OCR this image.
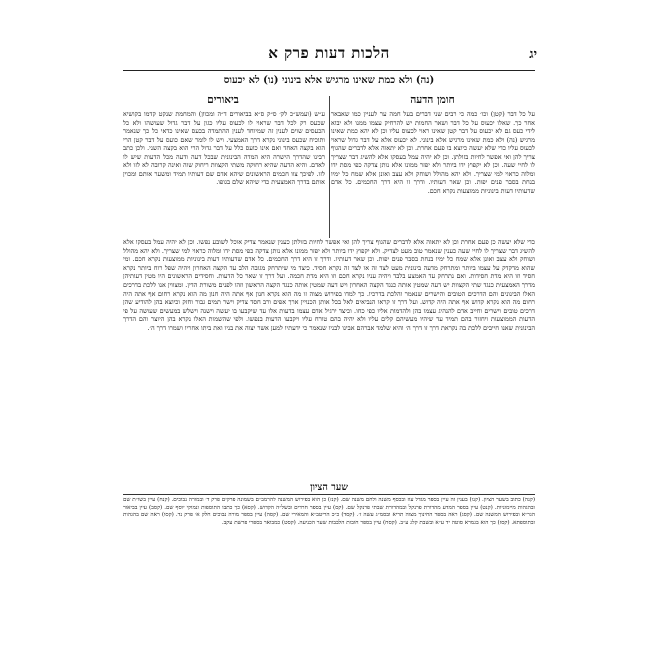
הלכות דעות פרק א	יג
(נה) ולא כמת שאינו מרגיש אלא בינוני (נו) לא יכעוס
חומן הדעה
ביאורים
על כל דבר (קטן) וכו׳ כמה כי רבים שני דברים בעל חמה ער לעניין כמו שאבאר אחר כך. שאלו יכעוס על כל דבר ושאר החמות יש להרחיק עצמו ממנו ולא יבוא לידי כעס גם לא יכעוס על דבר קטן שאינו ראוי לכעוס עליו וכן לא יהא כמת שאינו מרגיש (נה) ולא כמת שאינו מרגיש אלא בינוני. לא יכעוס אלא על דבר גדול שראוי לכעוס עליו כדי שלא יעשה כיוצא בו פעם אחרת. וכן לא יתאוה אלא לדברים שהגוף צריך להן ואי אפשר לחיות בזולתן. וכן לא יהיה עמל בעסקו אלא להשיג דבר שצריך לו לחיי שעה. וכן לא יקפוץ ידו ביותר ולא יפזר ממונו אלא נותן צדקה כפי מסת ידו ומלוה כראוי למי שצריך. ולא יהא מהולל ושוחק ולא עצב ואונן אלא שמח כל ימיו בנחת בסבר פנים יפות. וכן שאר דעותיו. ודרך זו היא דרך החכמים. כל אדם שדעותיו דעות בינוניות ממוצעות נקרא חכם.
ע״ש (ועמש״כ לק׳ ס״ק ס״א בביאורים ד״ה ומכוון) והמחמת שנקט קדמו בקושיא שכעס רק לכל דבר שראוי לו לכעוס עליו כגון על דבר גדול שעושהו ולא כל הכעסים שוים לענין זה שמיוחד לענין ההתמדה בכעס שאינו כדאי כל כך שנאמר ותוכיח שכעס בינוני נקרא דרך האמצעי. ויש לו לומר שאם כועס על דבר קטן הרי הוא בקצה האחד ואם אינו כועס כלל על דבר גדול הרי הוא בקצה השני. ולכן כתב רבינו שהדרך הישרה היא המדה הבינונית שבכל דעה ודעה מכל הדעות שיש לו לאדם. והיא הדעה שהיא רחוקה משתי הקצוות ריחוק שוה ואינה קרובה לא לזו ולא לזו. לפיכך צוו חכמים הראשונים שיהא אדם שם דעותיו תמיד ומשער אותם ומכוין אותם בדרך האמצעית כדי שיהא שלם בגופו.
כדי שלא יעשה כן פעם אחרת וכן לא יתאוה אלא לדברים שהגוף צריך להן ואי אפשר לחיות בזולתן כענין שנאמר צדיק אוכל לשובע נפשו. וכן לא יהיה עמל בעסקו אלא להשיג דבר שצריך לו לחיי שעה כענין שנאמר טוב מעט לצדיק. ולא יקפוץ ידו ביותר ולא יפזר ממונו אלא נותן צדקה כפי מסת ידו ומלוה כראוי למי שצריך. ולא יהא מהולל ושוחק ולא עצב ואונן אלא שמח כל ימיו בנחת בסבר פנים יפות. וכן שאר דעותיו. ודרך זו היא דרך החכמים. כל אדם שדעותיו דעות בינוניות ממוצעות נקרא חכם. ומי שהוא מדקדק על עצמו ביותר ומתרחק מדעה בינונית מעט לצד זה או לצד זה נקרא חסיד. כיצד מי שיתרחק מגובה הלב עד הקצה האחרון ויהיה שפל רוח ביותר נקרא חסיד וזו היא מדת חסידות. ואם נתרחק עד האמצע בלבד ויהיה עניו נקרא חכם וזו היא מדת חכמה. ועל דרך זו שאר כל הדעות. וחסידים הראשונים היו מטין דעותיהן מדרך האמצעית כנגד שתי הקצוות יש דעה שמטין אותה כנגד הקצה האחרון ויש דעה שמטין אותה כנגד הקצה הראשון וזהו לפנים משורת הדין. ומצווין אנו ללכת בדרכים האלו הבינונים והם הדרכים הטובים והישרים שנאמר והלכת בדרכיו. כך למדו בפירוש מצוה זו מה הוא נקרא חנון אף אתה היה חנון מה הוא נקרא רחום אף אתה היה רחום מה הוא נקרא קדוש אף אתה היה קדוש. ועל דרך זו קראו הנביאים לאל בכל אותן הכנויין ארך אפים ורב חסד צדיק וישר תמים גבור וחזק וכיוצא בהן להודיע שהן דרכים טובים וישרים וחייב אדם להנהיג עצמו בהן ולהדמות אליו כפי כחו. וכיצד ירגיל אדם עצמו בדעות אלו עד שיקבעו בו יעשה וישנה וישלש במעשים שעושה על פי הדעות הממוצעות ויחזור בהם תמיד עד שיהיו מעשיהם קלים עליו ולא יהיה בהם טורח עליו ויקבעו הדעות בנפשו. ולפי שהשמות האלו נקרא בהן היוצר והם הדרך הבינונית שאנו חייבים ללכת בה נקראת דרך זו דרך ה׳ והיא שלמד אברהם אבינו לבניו שנאמר כי ידעתיו למען אשר יצוה את בניו ואת ביתו אחריו ושמרו דרך ה׳.
שער הציון
(קנה) כתוב בשער הציון. (קנו) בענין זה עיין בספר מגדל עוז ובכסף משנה ולחם משנה שם. (קנז) כן הוא בפירוש המשנה להרמב״ם בשמונה פרקים פרק ד׳ ובמורה נבוכים. (קנח) עיין בשו״ת שם ובהגהות מיימוניות. (קנט) עיין בספר המדע מהדורת פרנקל ובמהדורת שבתי פרנקל שם. (קס) עיין בספר חרדים ובשל״ה הקדוש. (קסא) כך כתבו התוספות ונמוקי יוסף שם. (קסב) עיין בביאור הגר״א ובפירוש המשנה שם. (קסג) ראה בספר החינוך מצוה תריא ובסמ״ג עשה ז׳. (קסד) כ״כ הריטב״א והמאירי שם. (קסה) עיין בספר מורה נבוכים חלק א׳ פרק נד. (קסו) ראה שם בהגהות ובתוספתא. (קסז) כך הוא בגמרא סוטה יד ע״א ובשבת קלג ע״ב. (קסח) עיין בספר חובות הלבבות שער הכניעה. (קסט) כמבואר בספרי פרשת עקב.
